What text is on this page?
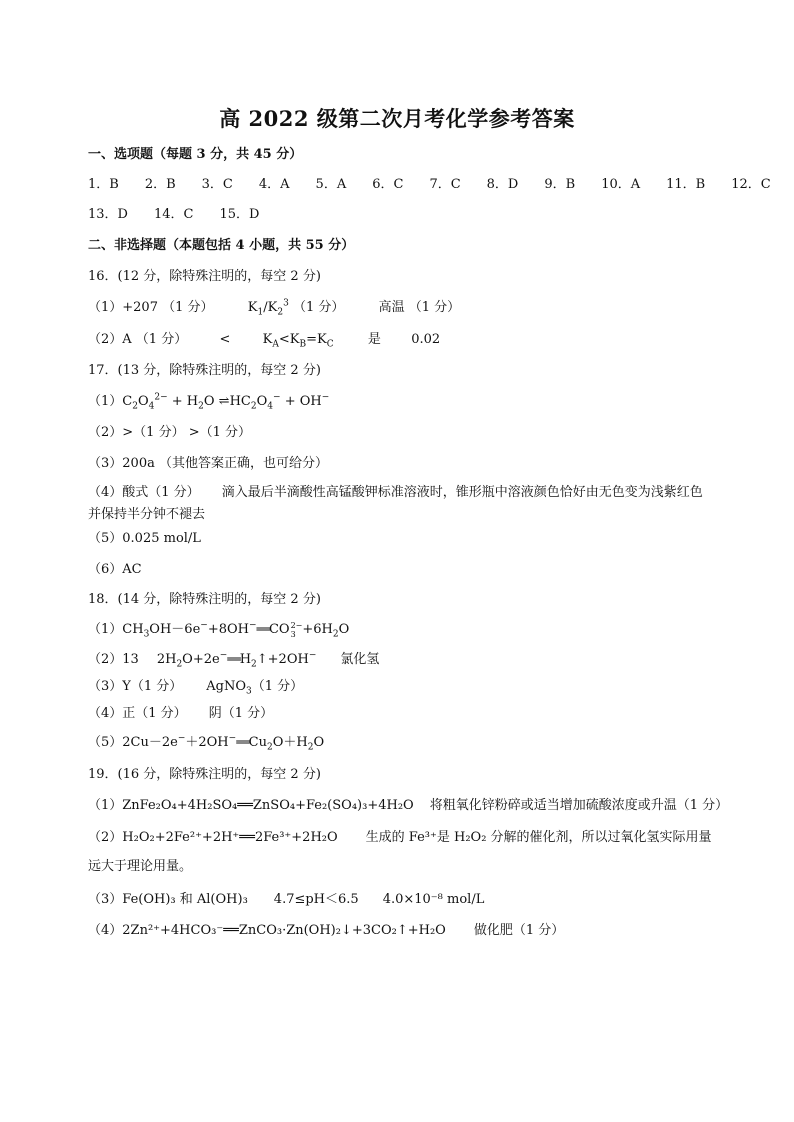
高 2022 级第二次月考化学参考答案
一、选项题（每题 3 分，共 45 分）
1．B 2．B 3．C 4．A 5．A 6．C 7．C 8．D 9．B 10．A 11．B 12．C
13．D 14．C 15．D
二、非选择题（本题包括 4 小题，共 55 分）
16．(12 分，除特殊注明的，每空 2 分)
（1）+207 （1 分）	$K_1/K_2^3$ （1 分）	高温 （1 分）
（2）A （1 分） < $K_A<K_B=K_C$	是 0.02
17．(13 分，除特殊注明的，每空 2 分)
$(1)C_2O_4^{2-} + H_2O$ $\rightleftharpoons HC_2O_4^- + OH^-$
（2）>（1 分） >（1 分）
（3）200a （其他答案正确，也可给分）
（4）酸式（1 分） 滴入最后半滴酸性高锰酸钾标准溶液时，锥形瓶中溶液颜色恰好由无色变为浅紫红色并保持半分钟不褪去
（5）0.025 mol/L
（6）AC
18．(14 分，除特殊注明的，每空 2 分)
$(1)CH_3OH-6e^-+8OH^-══CO$ 2−
$3 +6H_2O$
（2）13 $2H_2O+2e^-══H_2↑+2OH^-$ 氯化氢
（3）Y（1 分） AgNO$_3$（1 分）
（4）正（1 分） 阴（1 分）
$(5)2Cu-2e^-+2OH^-══Cu_2O+H_2O$
19．(16 分，除特殊注明的，每空 2 分)
（1）ZnFe₂O₄+4H₂SO₄══ZnSO₄+Fe₂(SO₄)₃+4H₂O 将粗氧化锌粉碎或适当增加硫酸浓度或升温（1 分）
（2）H₂O₂+2Fe²⁺+2H⁺══2Fe³⁺+2H₂O 生成的 Fe³⁺是 H₂O₂ 分解的催化剂，所以过氧化氢实际用量
远大于理论用量。
（3）Fe(OH)₃ 和 Al(OH)₃ 4.7≤pH＜6.5 4.0×10⁻⁸ mol/L
（4）2Zn²⁺+4HCO₃⁻══ZnCO₃·Zn(OH)₂↓+3CO₂↑+H₂O 做化肥（1 分）
